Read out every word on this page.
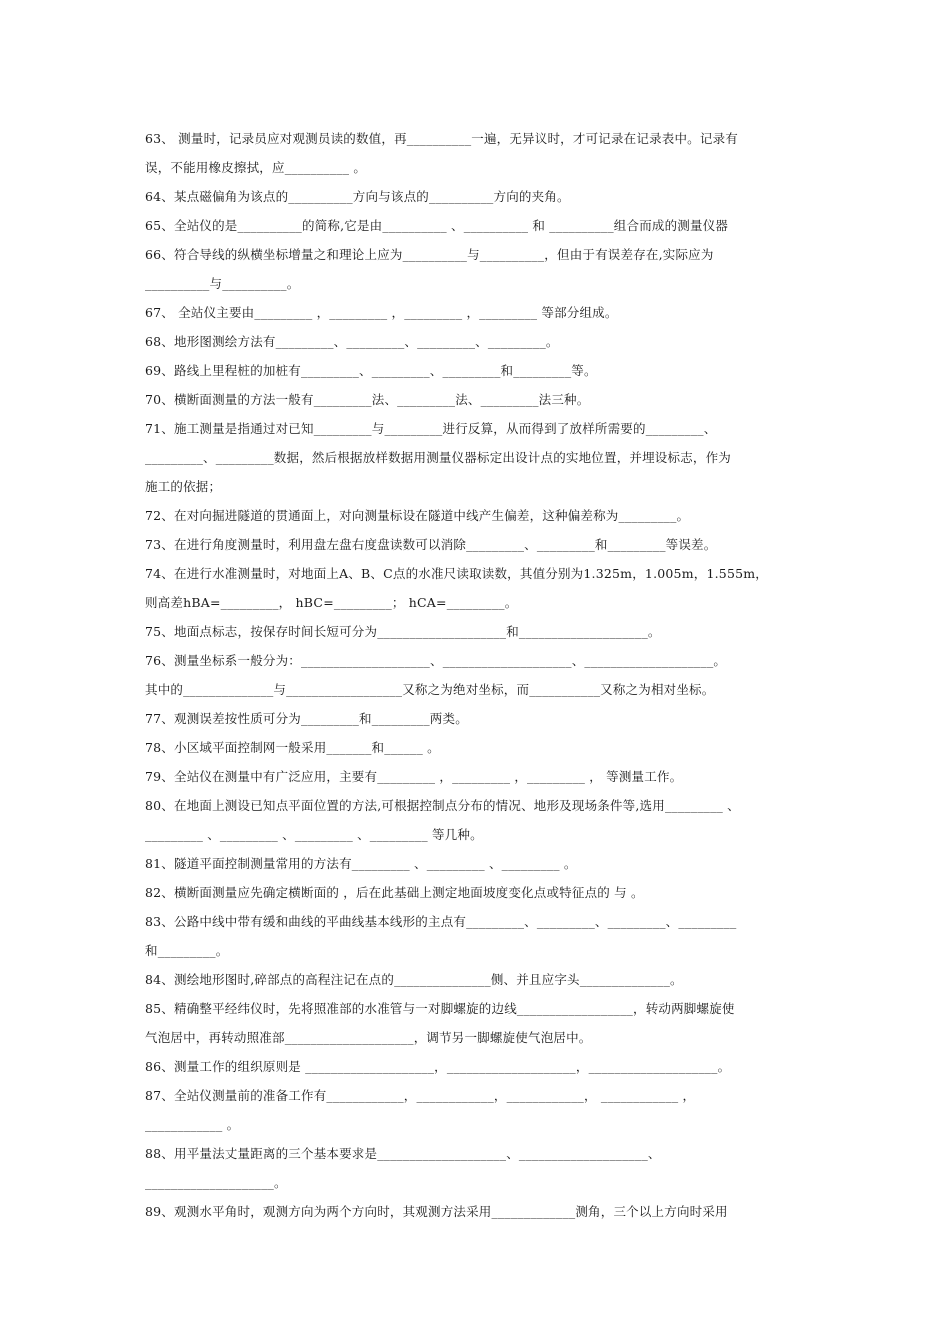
63、 测量时，记录员应对观测员读的数值，再__________一遍，无异议时，才可记录在记录表中。记录有
误，不能用橡皮擦拭，应__________ 。
64、某点磁偏角为该点的__________方向与该点的__________方向的夹角。
65、全站仪的是__________的简称,它是由__________ 、__________ 和 __________组合而成的测量仪器
66、符合导线的纵横坐标增量之和理论上应为__________与__________，但由于有误差存在,实际应为
__________与__________。
67、 全站仪主要由_________ ，_________ ，_________ ，_________ 等部分组成。
68、地形图测绘方法有_________、_________、_________、_________。
69、路线上里程桩的加桩有_________、_________、_________和_________等。
70、横断面测量的方法一般有_________法、_________法、_________法三种。
71、施工测量是指通过对已知_________与_________进行反算，从而得到了放样所需要的_________、
_________、_________数据，然后根据放样数据用测量仪器标定出设计点的实地位置，并埋设标志，作为
施工的依据；
72、在对向掘进隧道的贯通面上，对向测量标设在隧道中线产生偏差，这种偏差称为_________。
73、在进行角度测量时，利用盘左盘右度盘读数可以消除_________、_________和_________等误差。
74、在进行水准测量时，对地面上A、B、C点的水准尺读取读数，其值分别为1.325m，1.005m，1.555m，
则高差hBA=_________， hBC=_________； hCA=_________。
75、地面点标志，按保存时间长短可分为____________________和____________________。
76、测量坐标系一般分为：____________________、____________________、____________________。
其中的______________与__________________又称之为绝对坐标，而___________又称之为相对坐标。
77、观测误差按性质可分为_________和_________两类。
78、小区域平面控制网一般采用_______和______ 。
79、全站仪在测量中有广泛应用，主要有_________ ，_________ ，_________ ， 等测量工作。
80、在地面上测设已知点平面位置的方法,可根据控制点分布的情况、地形及现场条件等,选用_________ 、
_________ 、_________ 、_________ 、_________ 等几种。
81、隧道平面控制测量常用的方法有_________ 、_________ 、_________ 。
82、横断面测量应先确定横断面的 ，后在此基础上测定地面坡度变化点或特征点的 与 。
83、公路中线中带有缓和曲线的平曲线基本线形的主点有_________、_________、_________、_________
和_________。
84、测绘地形图时,碎部点的高程注记在点的_______________侧、并且应字头______________。
85、精确整平经纬仪时，先将照准部的水准管与一对脚螺旋的边线__________________，转动两脚螺旋使
气泡居中，再转动照准部____________________，调节另一脚螺旋使气泡居中。
86、测量工作的组织原则是 ____________________，____________________，____________________。
87、全站仪测量前的准备工作有____________，____________，____________， ____________ ，
____________ 。
88、用平量法丈量距离的三个基本要求是____________________、____________________、
____________________。
89、观测水平角时，观测方向为两个方向时，其观测方法采用_____________测角，三个以上方向时采用
